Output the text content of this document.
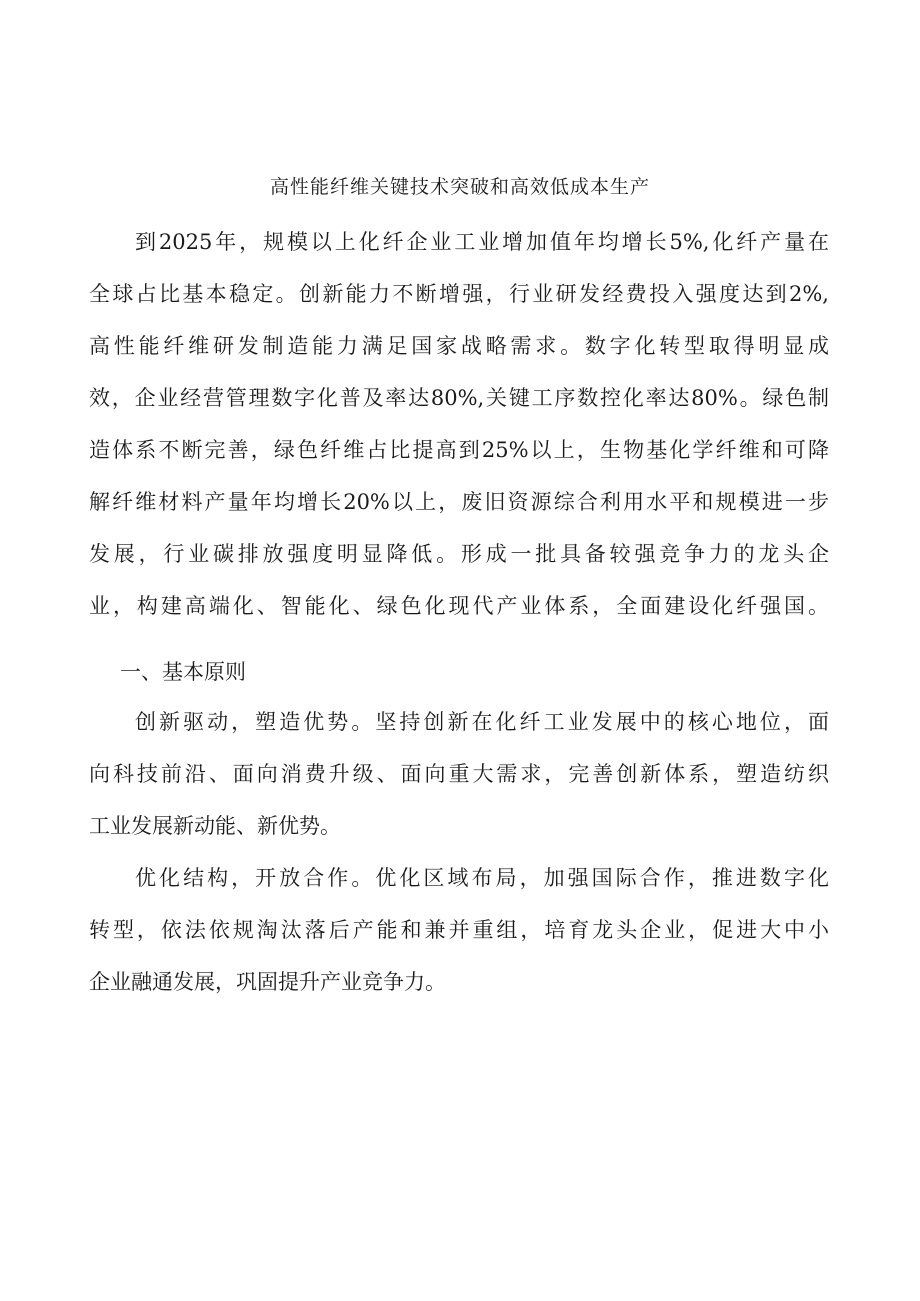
高性能纤维关键技术突破和高效低成本生产
到2025年，规模以上化纤企业工业增加值年均增长5%,化纤产量在
全球占比基本稳定。创新能力不断增强，行业研发经费投入强度达到2%,
高性能纤维研发制造能力满足国家战略需求。数字化转型取得明显成
效，企业经营管理数字化普及率达80%,关键工序数控化率达80%。绿色制
造体系不断完善，绿色纤维占比提高到25%以上，生物基化学纤维和可降
解纤维材料产量年均增长20%以上，废旧资源综合利用水平和规模进一步
发展，行业碳排放强度明显降低。形成一批具备较强竞争力的龙头企
业，构建高端化、智能化、绿色化现代产业体系，全面建设化纤强国。
一、基本原则
创新驱动，塑造优势。坚持创新在化纤工业发展中的核心地位，面
向科技前沿、面向消费升级、面向重大需求，完善创新体系，塑造纺织
工业发展新动能、新优势。
优化结构，开放合作。优化区域布局，加强国际合作，推进数字化
转型，依法依规淘汰落后产能和兼并重组，培育龙头企业，促进大中小
企业融通发展，巩固提升产业竞争力。
